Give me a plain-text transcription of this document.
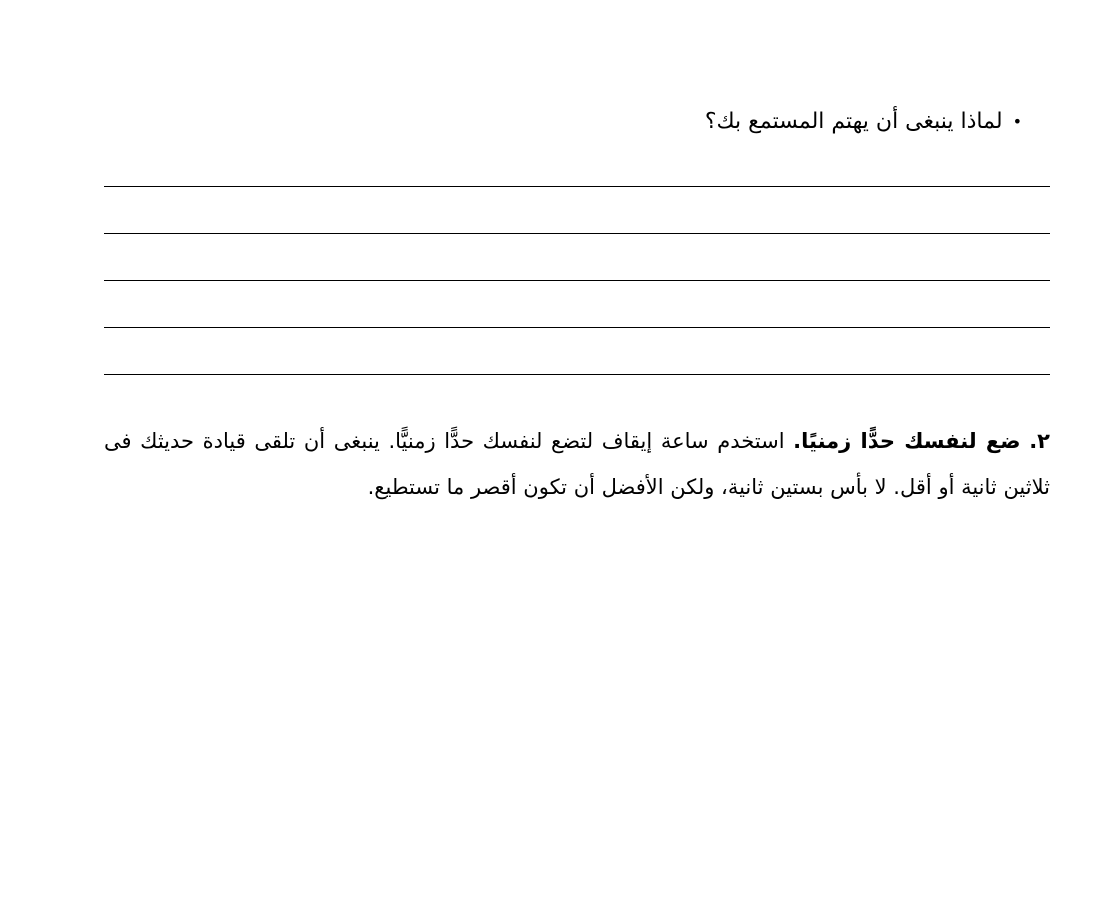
•لماذا ينبغى أن يهتم المستمع بك؟
٢. ضع لنفسك حدًّا زمنيًا. استخدم ساعة إيقاف لتضع لنفسك حدًّا زمنيًّا. ينبغى أن تلقى قيادة حديثك فى ثلاثين ثانية أو أقل. لا بأس بستين ثانية، ولكن الأفضل أن تكون أقصر ما تستطيع.
